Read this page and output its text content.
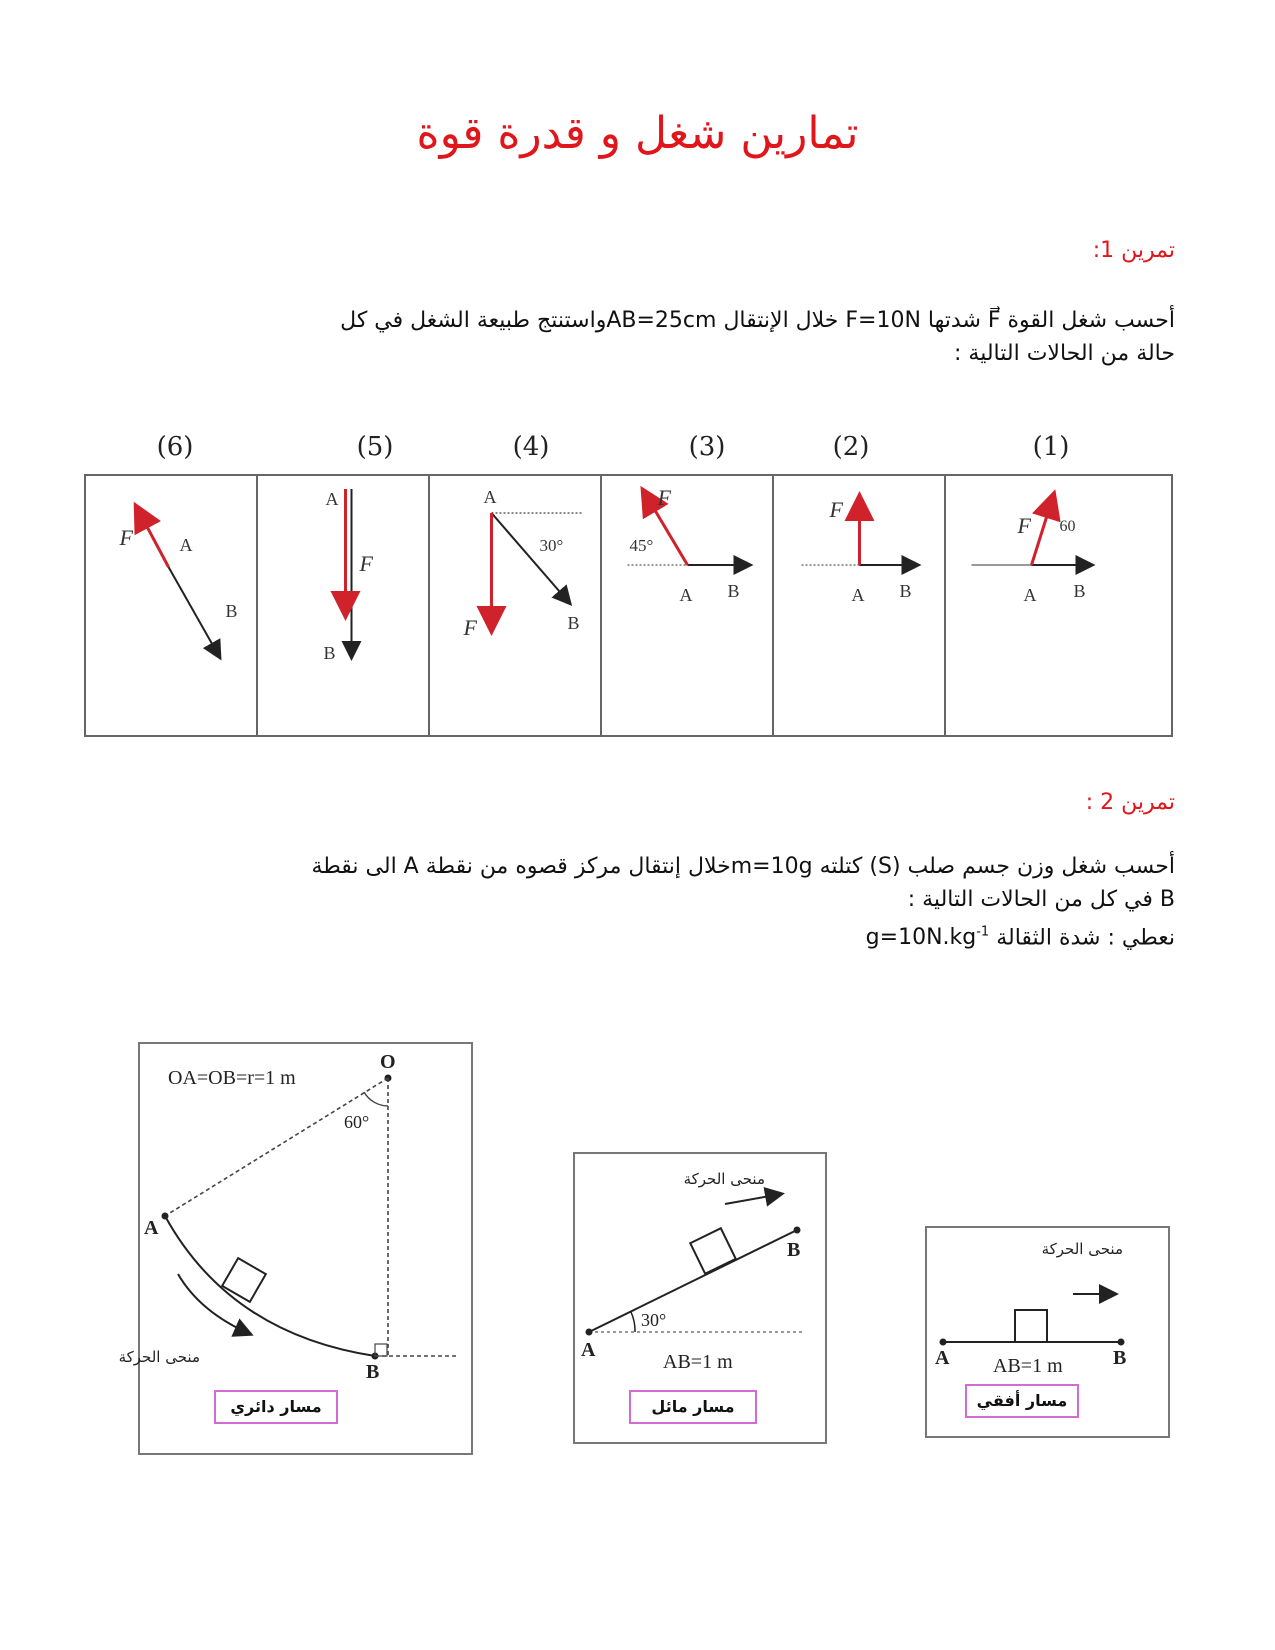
تمارين شغل و قدرة قوة
تمرين 1:

أحسب شغل القوة F⃗ شدتها F=10N خلال الإنتقال AB=25cmواستنتج طبيعة الشغل في كل

حالة من الحالات التالية :

(1)
(2)
(3)
(4)
(5)
(6)
F	A
B
A
F
B
A
30°
F	B
F
45°
A B
F
A B
F 60
A B
تمرين 2 :

أحسب شغل وزن جسم صلب (S) كتلته m=10gخلال إنتقال مركز قصوه من نقطة A الى نقطة

B في كل من الحالات التالية :

نعطي : شدة الثقالة $g=10N.kg^{-1}$

OA=OB=r=1 m
O
60°
A
B
منحى الحركة
مسار دائري
منحى الحركة
30°
A
B
AB=1 m
مسار مائل
منحى الحركة
A	B
AB=1 m
مسار أفقي
